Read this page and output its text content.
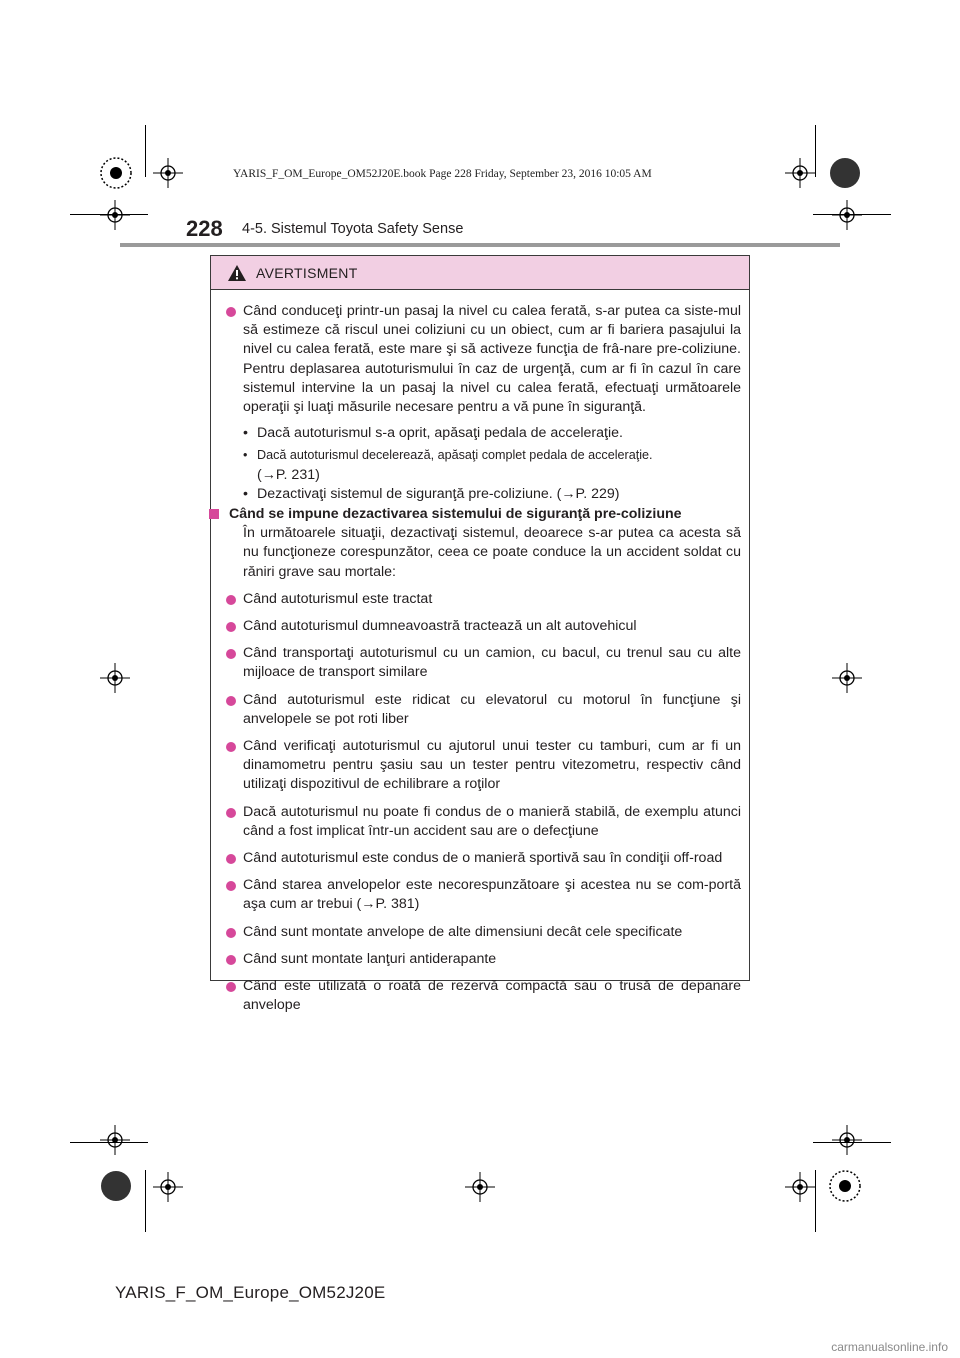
YARIS_F_OM_Europe_OM52J20E.book Page 228 Friday, September 23, 2016 10:05 AM
228 4-5. Sistemul Toyota Safety Sense
AVERTISMENT
Când conduceţi printr-un pasaj la nivel cu calea ferată, s-ar putea ca siste-mul să estimeze că riscul unei coliziuni cu un obiect, cum ar fi bariera pasajului la nivel cu calea ferată, este mare şi să activeze funcţia de frâ-nare pre-coliziune. Pentru deplasarea autoturismului în caz de urgenţă, cum ar fi în cazul în care sistemul intervine la un pasaj la nivel cu calea ferată, efectuaţi următoarele operaţii şi luaţi măsurile necesare pentru a vă pune în siguranţă.
• Dacă autoturismul s-a oprit, apăsaţi pedala de acceleraţie.
• Dacă autoturismul decelerează, apăsaţi complet pedala de acceleraţie.
(→P. 231)
• Dezactivaţi sistemul de siguranţă pre-coliziune. (→P. 229)
Când se impune dezactivarea sistemului de siguranţă pre-coliziune
În următoarele situaţii, dezactivaţi sistemul, deoarece s-ar putea ca acesta să nu funcţioneze corespunzător, ceea ce poate conduce la un accident soldat cu răniri grave sau mortale:
Când autoturismul este tractat
Când autoturismul dumneavoastră tractează un alt autovehicul
Când transportaţi autoturismul cu un camion, cu bacul, cu trenul sau cu alte mijloace de transport similare
Când autoturismul este ridicat cu elevatorul cu motorul în funcţiune şi anvelopele se pot roti liber
Când verificaţi autoturismul cu ajutorul unui tester cu tamburi, cum ar fi un dinamometru pentru şasiu sau un tester pentru vitezometru, respectiv când utilizaţi dispozitivul de echilibrare a roţilor
Dacă autoturismul nu poate fi condus de o manieră stabilă, de exemplu atunci când a fost implicat într-un accident sau are o defecţiune
Când autoturismul este condus de o manieră sportivă sau în condiţii off-road
Când starea anvelopelor este necorespunzătoare şi acestea nu se com-portă aşa cum ar trebui (→P. 381)
Când sunt montate anvelope de alte dimensiuni decât cele specificate
Când sunt montate lanţuri antiderapante
Când este utilizată o roată de rezervă compactă sau o trusă de depanare anvelope
YARIS_F_OM_Europe_OM52J20E
carmanualsonline.info
